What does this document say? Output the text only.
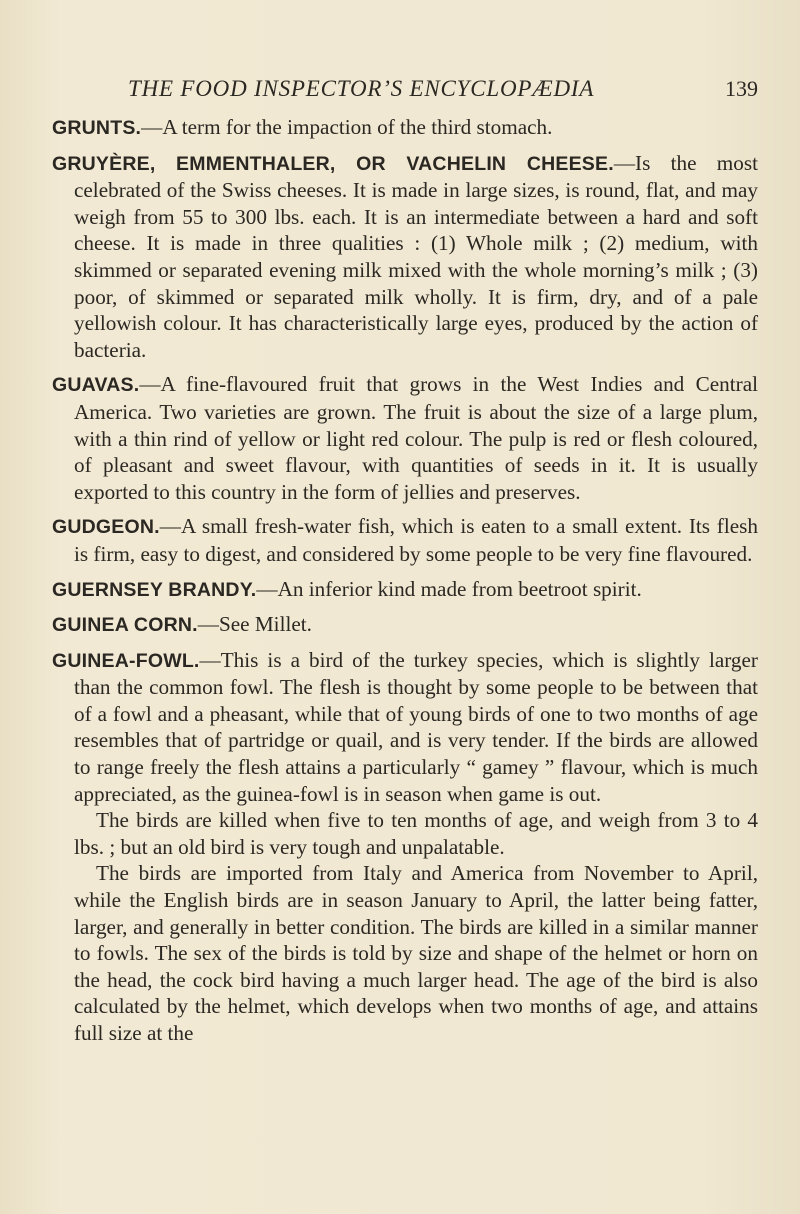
THE FOOD INSPECTOR’S ENCYCLOPÆDIA	139

GRUNTS.—A term for the impaction of the third stomach.

GRUYÈRE, EMMENTHALER, OR VACHELIN CHEESE.—Is the most celebrated of the Swiss cheeses. It is made in large sizes, is round, flat, and may weigh from 55 to 300 lbs. each. It is an intermediate between a hard and soft cheese. It is made in three qualities : (1) Whole milk ; (2) medium, with skimmed or separated evening milk mixed with the whole morning’s milk ; (3) poor, of skimmed or separated milk wholly. It is firm, dry, and of a pale yellowish colour. It has characteristically large eyes, produced by the action of bacteria.

GUAVAS.—A fine-flavoured fruit that grows in the West Indies and Central America. Two varieties are grown. The fruit is about the size of a large plum, with a thin rind of yellow or light red colour. The pulp is red or flesh coloured, of pleasant and sweet flavour, with quantities of seeds in it. It is usually exported to this country in the form of jellies and preserves.

GUDGEON.—A small fresh-water fish, which is eaten to a small extent. Its flesh is firm, easy to digest, and considered by some people to be very fine flavoured.

GUERNSEY BRANDY.—An inferior kind made from beetroot spirit.

GUINEA CORN.—See Millet.

GUINEA-FOWL.—This is a bird of the turkey species, which is slightly larger than the common fowl. The flesh is thought by some people to be between that of a fowl and a pheasant, while that of young birds of one to two months of age resembles that of partridge or quail, and is very tender. If the birds are allowed to range freely the flesh attains a particularly “ gamey ” flavour, which is much appreciated, as the guinea-fowl is in season when game is out.

The birds are killed when five to ten months of age, and weigh from 3 to 4 lbs. ; but an old bird is very tough and unpalatable.

The birds are imported from Italy and America from November to April, while the English birds are in season January to April, the latter being fatter, larger, and generally in better condition. The birds are killed in a similar manner to fowls. The sex of the birds is told by size and shape of the helmet or horn on the head, the cock bird having a much larger head. The age of the bird is also calculated by the helmet, which develops when two months of age, and attains full size at the
